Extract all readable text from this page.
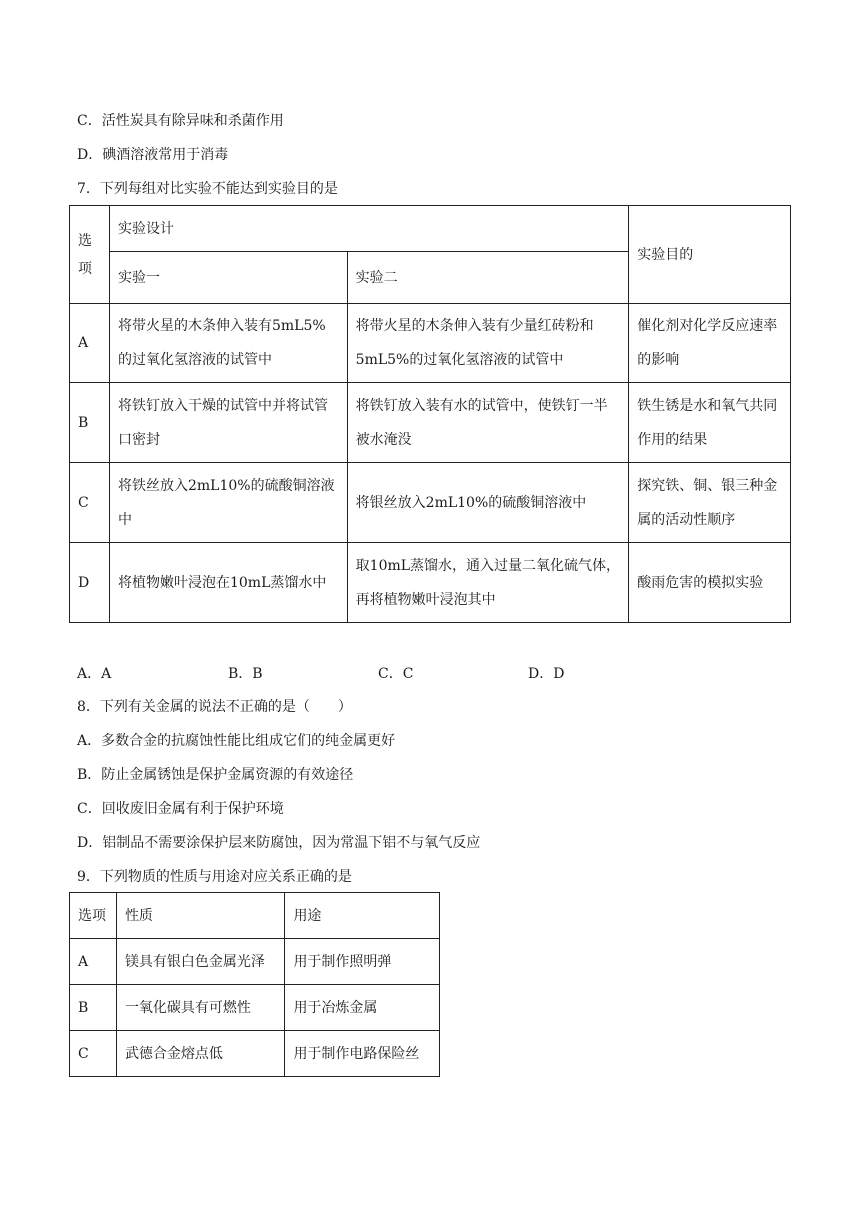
C．活性炭具有除异味和杀菌作用
D．碘酒溶液常用于消毒
7．下列每组对比实验不能达到实验目的是
选项	实验设计		实验目的
	实验一	实验二	
A	将带火星的木条伸入装有5mL5%的过氧化氢溶液的试管中	将带火星的木条伸入装有少量红砖粉和5mL5%的过氧化氢溶液的试管中	催化剂对化学反应速率的影响

B	将铁钉放入干燥的试管中并将试管口密封	将铁钉放入装有水的试管中，使铁钉一半被水淹没	铁生锈是水和氧气共同作用的结果

C	将铁丝放入2mL10%的硫酸铜溶液中	将银丝放入2mL10%的硫酸铜溶液中	探究铁、铜、银三种金属的活动性顺序

D	将植物嫩叶浸泡在10mL蒸馏水中	取10mL蒸馏水，通入过量二氧化硫气体，再将植物嫩叶浸泡其中	酸雨危害的模拟实验
A．A	B．B	C．C	D．D
8．下列有关金属的说法不正确的是（　　）
A．多数合金的抗腐蚀性能比组成它们的纯金属更好
B．防止金属锈蚀是保护金属资源的有效途径
C．回收废旧金属有利于保护环境
D．铝制品不需要涂保护层来防腐蚀，因为常温下铝不与氧气反应
9．下列物质的性质与用途对应关系正确的是
选项	性质	用途
A	镁具有银白色金属光泽	用于制作照明弹
B	一氧化碳具有可燃性	用于冶炼金属
C	武德合金熔点低	用于制作电路保险丝
